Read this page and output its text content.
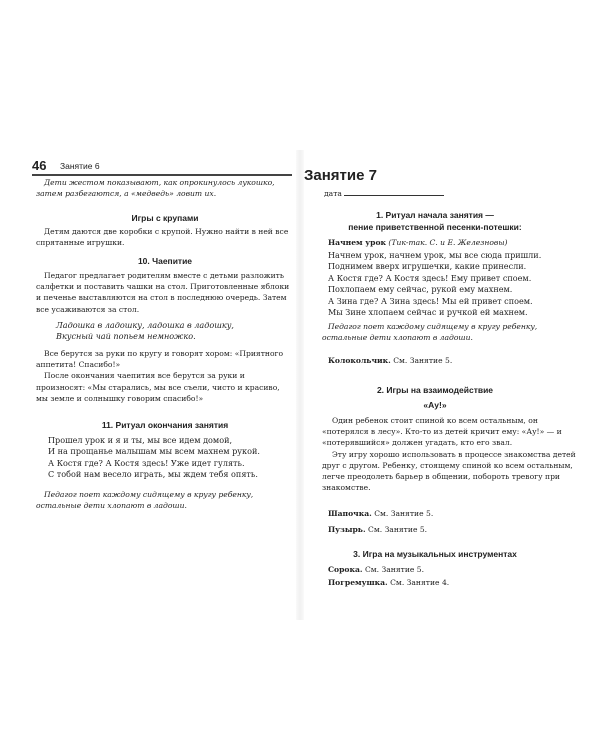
46 Занятие 6
Дети жестом показывают, как опрокинулось лукошко, затем разбегаются, а «медведь» ловит их.
Игры с крупами
Детям даются две коробки с крупой. Нужно найти в ней все спрятанные игрушки.
10. Чаепитие
Педагог предлагает родителям вместе с детьми разложить салфетки и поставить чашки на стол. Приготовленные яблоки и печенье выставляются на стол в последнюю очередь. Затем все усаживаются за стол.

Ладошка в ладошку, ладошка в ладошку,

Вкусный чай попьем немножко.

Все берутся за руки по кругу и говорят хором: «Приятного аппетита! Спасибо!»

После окончания чаепития все берутся за руки и произносят: «Мы старались, мы все съели, чисто и красиво, мы земле и солнышку говорим спасибо!»

11. Ритуал окончания занятия

Прошел урок и я и ты, мы все идем домой,

И на прощанье малышам мы всем махнем рукой.

А Костя где? А Костя здесь! Уже идет гулять.

С тобой нам весело играть, мы ждем тебя опять.

Педагог поет каждому сидящему в кругу ребенку, остальные дети хлопают в ладоши.
Занятие 7
дата

1. Ритуал начала занятия —

пение приветственной песенки-потешки:

Начнем урок (Тик-так. С. и Е. Железновы)

Начнем урок, начнем урок, мы все сюда пришли.

Поднимем вверх игрушечки, какие принесли.

А Костя где? А Костя здесь! Ему привет споем.

Похлопаем ему сейчас, рукой ему махнем.

А Зина где? А Зина здесь! Мы ей привет споем.

Мы Зине хлопаем сейчас и ручкой ей махнем.

Педагог поет каждому сидящему в кругу ребенку, остальные дети хлопают в ладоши.
Колокольчик. См. Занятие 5.
2. Игры на взаимодействие
«Ау!»

Один ребенок стоит спиной ко всем остальным, он «потерялся в лесу». Кто-то из детей кричит ему: «Ау!» — и «потерявшийся» должен угадать, кто его звал.

Эту игру хорошо использовать в процессе знакомства детей друг с другом. Ребенку, стоящему спиной ко всем остальным, легче преодолеть барьер в общении, побороть тревогу при знакомстве.

Шапочка. См. Занятие 5.
Пузырь. См. Занятие 5.
3. Игра на музыкальных инструментах
Сорока. См. Занятие 5.
Погремушка. См. Занятие 4.
